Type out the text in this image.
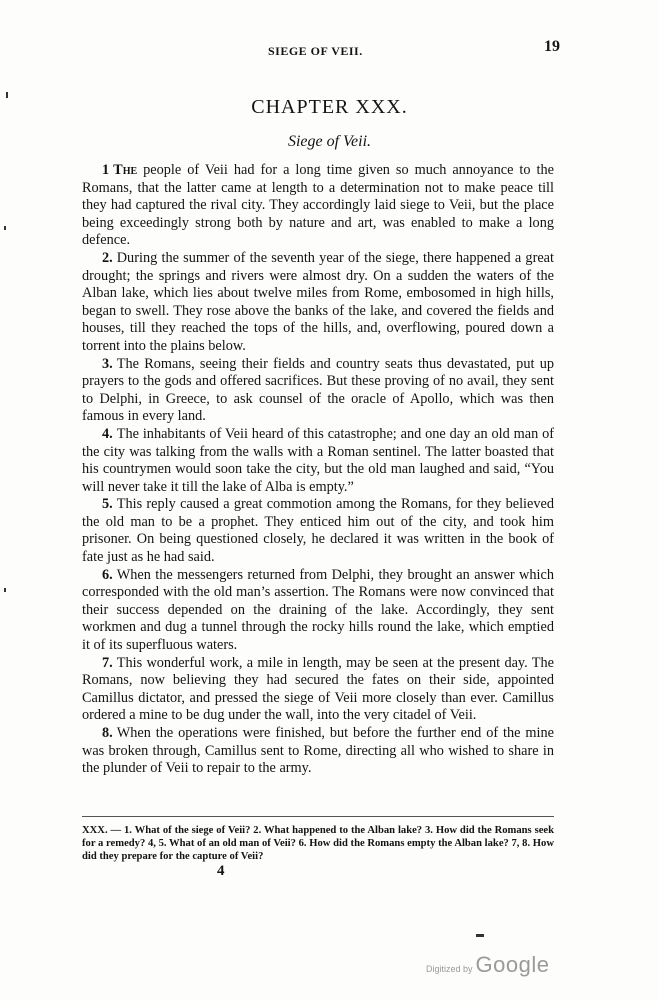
SIEGE OF VEII.	19
CHAPTER XXX.
Siege of Veii.

1 The people of Veii had for a long time given so much annoyance to the Romans, that the latter came at length to a determination not to make peace till they had captured the rival city. They accordingly laid siege to Veii, but the place being exceedingly strong both by nature and art, was enabled to make a long defence.

2. During the summer of the seventh year of the siege, there happened a great drought; the springs and rivers were almost dry. On a sudden the waters of the Alban lake, which lies about twelve miles from Rome, embosomed in high hills, began to swell. They rose above the banks of the lake, and covered the fields and houses, till they reached the tops of the hills, and, overflowing, poured down a torrent into the plains below.

3. The Romans, seeing their fields and country seats thus devastated, put up prayers to the gods and offered sacrifices. But these proving of no avail, they sent to Delphi, in Greece, to ask counsel of the oracle of Apollo, which was then famous in every land.

4. The inhabitants of Veii heard of this catastrophe; and one day an old man of the city was talking from the walls with a Roman sentinel. The latter boasted that his countrymen would soon take the city, but the old man laughed and said, “You will never take it till the lake of Alba is empty.”

5. This reply caused a great commotion among the Romans, for they believed the old man to be a prophet. They enticed him out of the city, and took him prisoner. On being questioned closely, he declared it was written in the book of fate just as he had said.

6. When the messengers returned from Delphi, they brought an answer which corresponded with the old man’s assertion. The Romans were now convinced that their success depended on the draining of the lake. Accordingly, they sent workmen and dug a tunnel through the rocky hills round the lake, which emptied it of its superfluous waters.

7. This wonderful work, a mile in length, may be seen at the present day. The Romans, now believing they had secured the fates on their side, appointed Camillus dictator, and pressed the siege of Veii more closely than ever. Camillus ordered a mine to be dug under the wall, into the very citadel of Veii.

8. When the operations were finished, but before the further end of the mine was broken through, Camillus sent to Rome, directing all who wished to share in the plunder of Veii to repair to the army.

XXX. — 1. What of the siege of Veii? 2. What happened to the Alban lake? 3. How did the Romans seek for a remedy? 4, 5. What of an old man of Veii? 6. How did the Romans empty the Alban lake? 7, 8. How did they prepare for the capture of Veii?
4
Digitized by Google
